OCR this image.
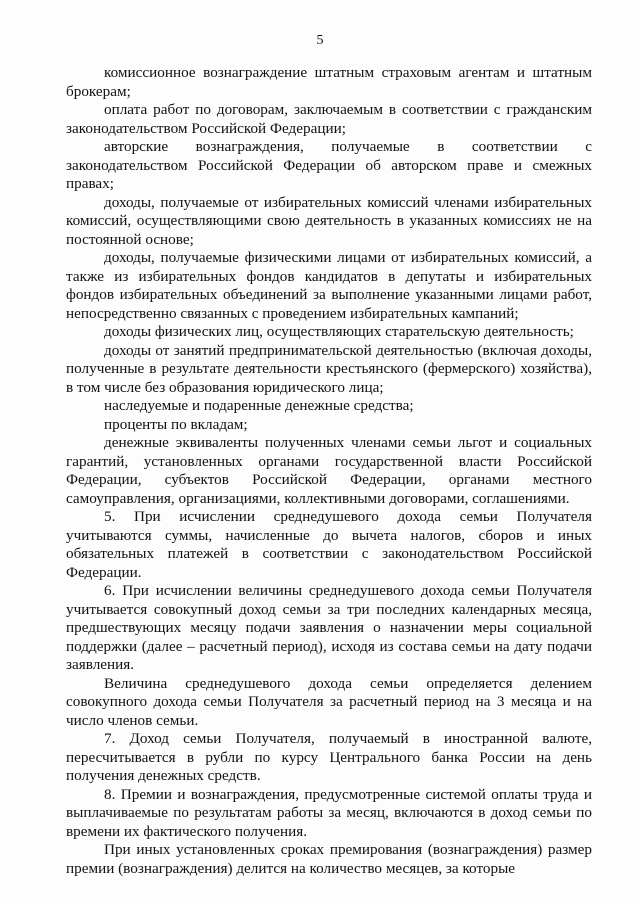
5

комиссионное вознаграждение штатным страховым агентам и штатным брокерам;

оплата работ по договорам, заключаемым в соответствии с гражданским законодательством Российской Федерации;

авторские вознаграждения, получаемые в соответствии с законодательством Российской Федерации об авторском праве и смежных правах;

доходы, получаемые от избирательных комиссий членами избирательных комиссий, осуществляющими свою деятельность в указанных комиссиях не на постоянной основе;

доходы, получаемые физическими лицами от избирательных комиссий, а также из избирательных фондов кандидатов в депутаты и избирательных фондов избирательных объединений за выполнение указанными лицами работ, непосредственно связанных с проведением избирательных кампаний;

доходы физических лиц, осуществляющих старательскую деятельность;

доходы от занятий предпринимательской деятельностью (включая доходы, полученные в результате деятельности крестьянского (фермерского) хозяйства), в том числе без образования юридического лица;

наследуемые и подаренные денежные средства;

проценты по вкладам;

денежные эквиваленты полученных членами семьи льгот и социальных гарантий, установленных органами государственной власти Российской Федерации, субъектов Российской Федерации, органами местного самоуправления, организациями, коллективными договорами, соглашениями.

5. При исчислении среднедушевого дохода семьи Получателя учитываются суммы, начисленные до вычета налогов, сборов и иных обязательных платежей в соответствии с законодательством Российской Федерации.

6. При исчислении величины среднедушевого дохода семьи Получателя учитывается совокупный доход семьи за три последних календарных месяца, предшествующих месяцу подачи заявления о назначении меры социальной поддержки (далее – расчетный период), исходя из состава семьи на дату подачи заявления.

Величина среднедушевого дохода семьи определяется делением совокупного дохода семьи Получателя за расчетный период на 3 месяца и на число членов семьи.

7. Доход семьи Получателя, получаемый в иностранной валюте, пересчитывается в рубли по курсу Центрального банка России на день получения денежных средств.

8. Премии и вознаграждения, предусмотренные системой оплаты труда и выплачиваемые по результатам работы за месяц, включаются в доход семьи по времени их фактического получения.

При иных установленных сроках премирования (вознаграждения) размер премии (вознаграждения) делится на количество месяцев, за которые
